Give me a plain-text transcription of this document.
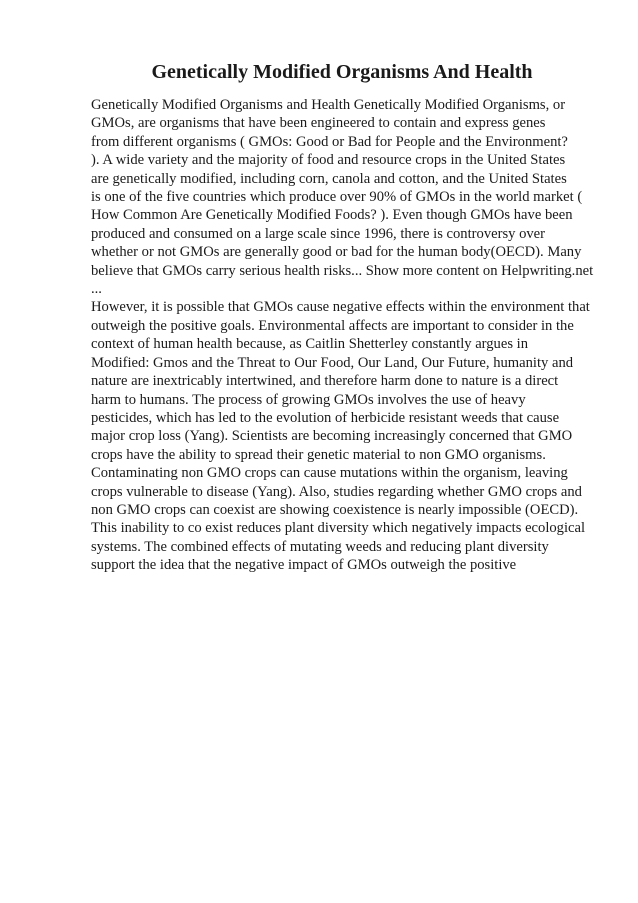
Genetically Modified Organisms And Health
Genetically Modified Organisms and Health Genetically Modified Organisms, or
GMOs, are organisms that have been engineered to contain and express genes
from different organisms ( GMOs: Good or Bad for People and the Environment?
). A wide variety and the majority of food and resource crops in the United States
are genetically modified, including corn, canola and cotton, and the United States
is one of the five countries which produce over 90% of GMOs in the world market (
How Common Are Genetically Modified Foods? ). Even though GMOs have been
produced and consumed on a large scale since 1996, there is controversy over
whether or not GMOs are generally good or bad for the human body(OECD). Many
believe that GMOs carry serious health risks... Show more content on Helpwriting.net
...
However, it is possible that GMOs cause negative effects within the environment that
outweigh the positive goals. Environmental affects are important to consider in the
context of human health because, as Caitlin Shetterley constantly argues in
Modified: Gmos and the Threat to Our Food, Our Land, Our Future, humanity and
nature are inextricably intertwined, and therefore harm done to nature is a direct
harm to humans. The process of growing GMOs involves the use of heavy
pesticides, which has led to the evolution of herbicide resistant weeds that cause
major crop loss (Yang). Scientists are becoming increasingly concerned that GMO
crops have the ability to spread their genetic material to non GMO organisms.
Contaminating non GMO crops can cause mutations within the organism, leaving
crops vulnerable to disease (Yang). Also, studies regarding whether GMO crops and
non GMO crops can coexist are showing coexistence is nearly impossible (OECD).
This inability to co exist reduces plant diversity which negatively impacts ecological
systems. The combined effects of mutating weeds and reducing plant diversity
support the idea that the negative impact of GMOs outweigh the positive
